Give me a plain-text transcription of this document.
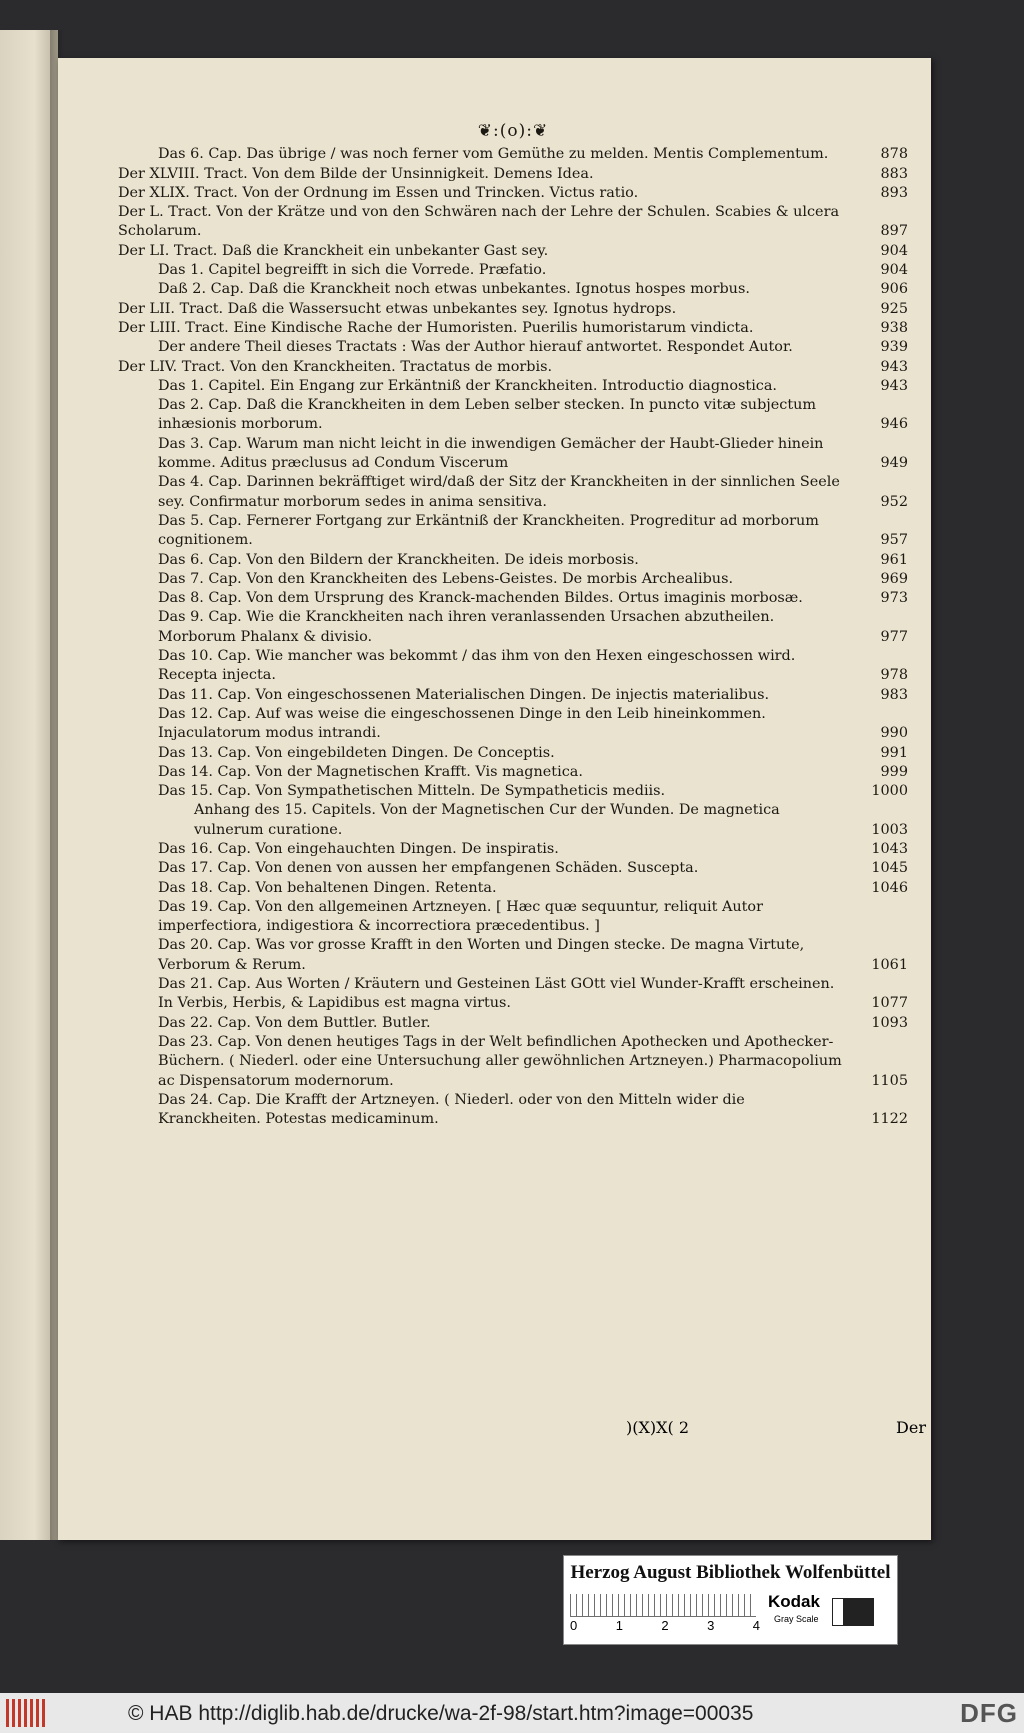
❦:(o):❦
Das 6. Cap. Das übrige / was noch ferner vom Gemüthe zu melden. Mentis Complementum.	878
Der XLVIII. Tract. Von dem Bilde der Unsinnigkeit. Demens Idea.	883
Der XLIX. Tract. Von der Ordnung im Essen und Trincken. Victus ratio.	893
Der L. Tract. Von der Krätze und von den Schwären nach der Lehre der Schulen. Scabies & ulcera Scholarum.	897
Der LI. Tract. Daß die Kranckheit ein unbekanter Gast sey.	904
Das 1. Capitel begreifft in sich die Vorrede. Præfatio.	904
Daß 2. Cap. Daß die Kranckheit noch etwas unbekantes. Ignotus hospes morbus.	906
Der LII. Tract. Daß die Wassersucht etwas unbekantes sey. Ignotus hydrops.	925
Der LIII. Tract. Eine Kindische Rache der Humoristen. Puerilis humoristarum vindicta.	938
Der andere Theil dieses Tractats : Was der Author hierauf antwortet. Respondet Autor.	939
Der LIV. Tract. Von den Kranckheiten. Tractatus de morbis.	943
Das 1. Capitel. Ein Engang zur Erkäntniß der Kranckheiten. Introductio diagnostica.	943
Das 2. Cap. Daß die Kranckheiten in dem Leben selber stecken. In puncto vitæ subjectum inhæsionis morborum.	946
Das 3. Cap. Warum man nicht leicht in die inwendigen Gemächer der Haubt-Glieder hinein komme. Aditus præclusus ad Condum Viscerum	949
Das 4. Cap. Darinnen bekräfftiget wird/daß der Sitz der Kranckheiten in der sinnlichen Seele sey. Confirmatur morborum sedes in anima sensitiva.	952
Das 5. Cap. Fernerer Fortgang zur Erkäntniß der Kranckheiten. Progreditur ad morborum cognitionem.	957
Das 6. Cap. Von den Bildern der Kranckheiten. De ideis morbosis.	961
Das 7. Cap. Von den Kranckheiten des Lebens-Geistes. De morbis Archealibus.	969
Das 8. Cap. Von dem Ursprung des Kranck-machenden Bildes. Ortus imaginis morbosæ.	973
Das 9. Cap. Wie die Kranckheiten nach ihren veranlassenden Ursachen abzutheilen. Morborum Phalanx & divisio.	977
Das 10. Cap. Wie mancher was bekommt / das ihm von den Hexen eingeschossen wird. Recepta injecta.	978
Das 11. Cap. Von eingeschossenen Materialischen Dingen. De injectis materialibus.	983
Das 12. Cap. Auf was weise die eingeschossenen Dinge in den Leib hineinkommen. Injaculatorum modus intrandi.	990
Das 13. Cap. Von eingebildeten Dingen. De Conceptis.	991
Das 14. Cap. Von der Magnetischen Krafft. Vis magnetica.	999
Das 15. Cap. Von Sympathetischen Mitteln. De Sympatheticis mediis.	1000
Anhang des 15. Capitels. Von der Magnetischen Cur der Wunden. De magnetica vulnerum curatione.	1003
Das 16. Cap. Von eingehauchten Dingen. De inspiratis.	1043
Das 17. Cap. Von denen von aussen her empfangenen Schäden. Suscepta.	1045
Das 18. Cap. Von behaltenen Dingen. Retenta.	1046
Das 19. Cap. Von den allgemeinen Artzneyen. [ Hæc quæ sequuntur, reliquit Autor imperfectiora, indigestiora & incorrectiora præcedentibus. ]
Das 20. Cap. Was vor grosse Krafft in den Worten und Dingen stecke. De magna Virtute, Verborum & Rerum.	1061
Das 21. Cap. Aus Worten / Kräutern und Gesteinen Läst GOtt viel Wunder-Krafft erscheinen. In Verbis, Herbis, & Lapidibus est magna virtus.	1077
Das 22. Cap. Von dem Buttler. Butler.	1093
Das 23. Cap. Von denen heutiges Tags in der Welt befindlichen Apothecken und Apothecker-Büchern. ( Niederl. oder eine Untersuchung aller gewöhnlichen Artzneyen.) Pharmacopolium ac Dispensatorum modernorum.	1105
Das 24. Cap. Die Krafft der Artzneyen. ( Niederl. oder von den Mitteln wider die Kranckheiten. Potestas medicaminum.	1122
)(X)X( 2	Der
Herzog August Bibliothek Wolfenbüttel
0	1	2	3	4
Kodak
Gray Scale
© HAB http://diglib.hab.de/drucke/wa-2f-98/start.htm?image=00035	DFG
